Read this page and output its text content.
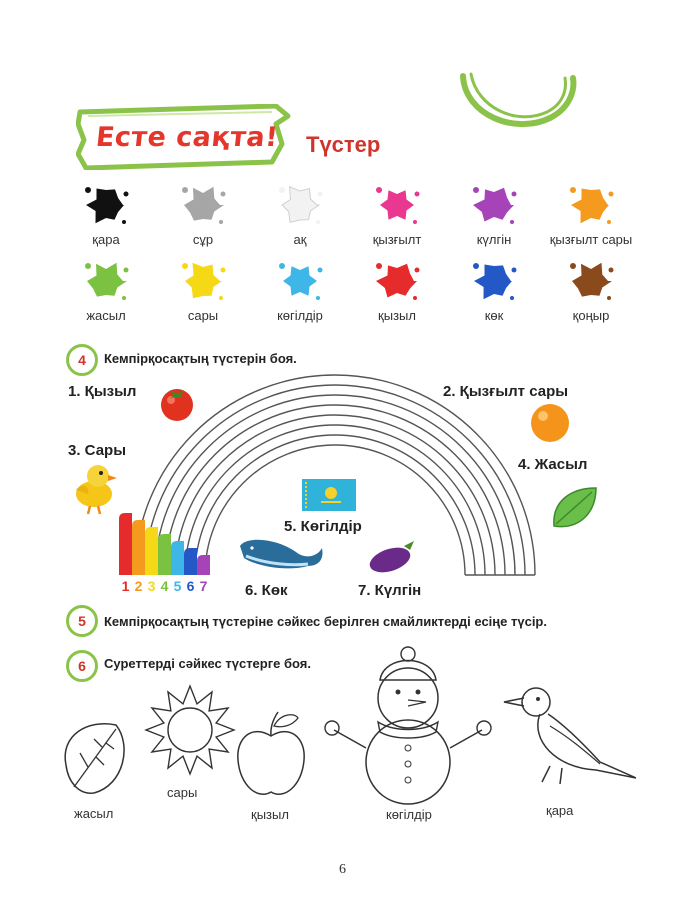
Есте сақта! Түстер
қара	сұр	ақ	қызғылт	күлгін	қызғылт сары
жасыл	сары	көгілдір	қызыл	көк	қоңыр
4	Кемпірқосақтың түстерін боя.
1 2 3 4 5 6 7
1. Қызыл	2. Қызғылт сары
3. Сары
4. Жасыл
5. Көгілдір
6. Көк	7. Күлгін
5	Кемпірқосақтың түстеріне сәйкес берілген смайликтерді есіңе түсір.
6	Суреттерді сәйкес түстерге боя.
жасыл
сары
қызыл	көгілдір	қара
6
